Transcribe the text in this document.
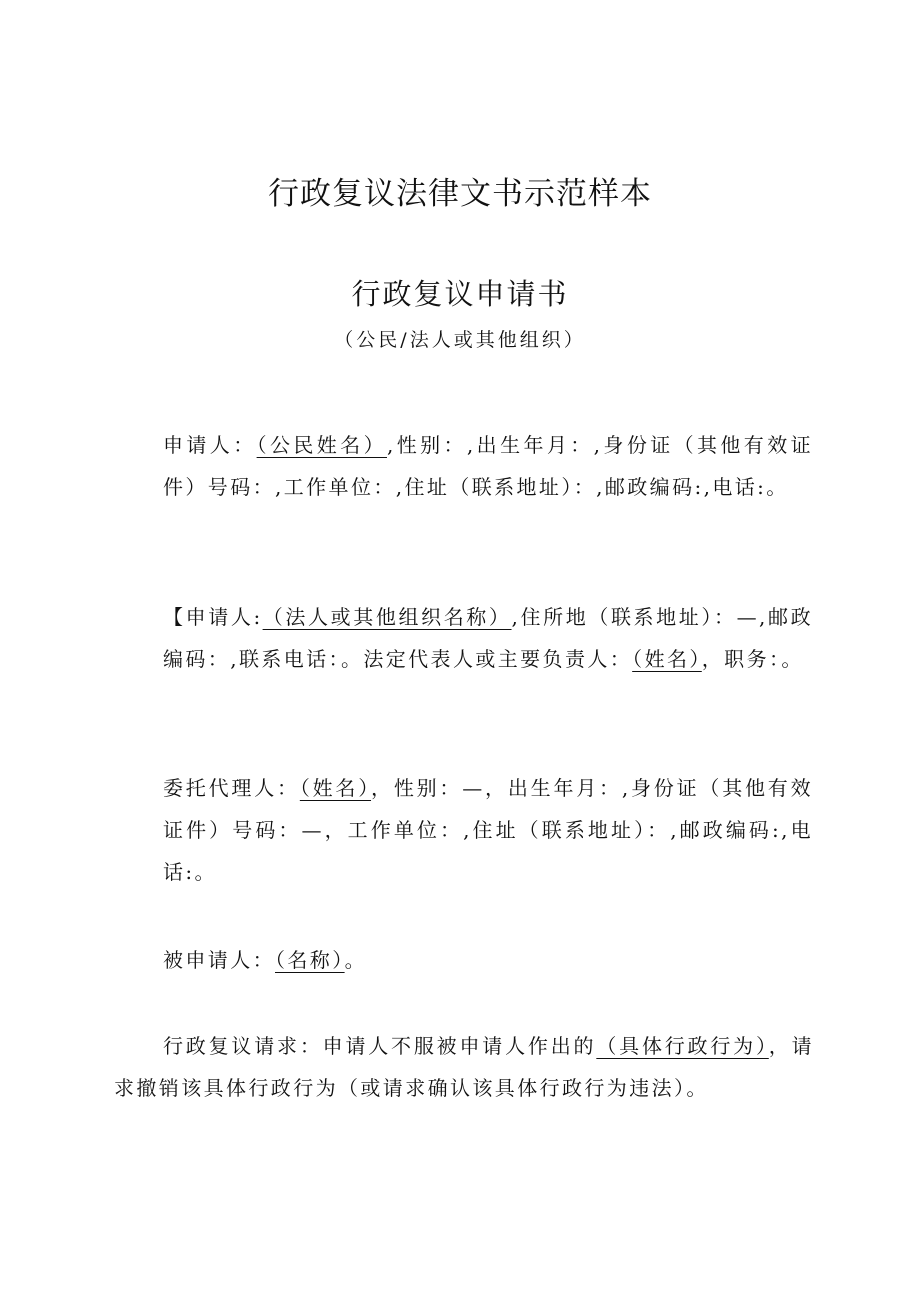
行政复议法律文书示范样本
行政复议申请书
（公民/法人或其他组织）

申请人：（公民姓名）,性别：,出生年月：,身份证（其他有效证件）号码：,工作单位：,住址（联系地址）：,邮政编码:,电话:。

【申请人:（法人或其他组织名称）,住所地（联系地址）：—,邮政编码：,联系电话：。法定代表人或主要负责人：（姓名），职务：。

委托代理人：（姓名），性别：—，出生年月：,身份证（其他有效证件）号码：—，工作单位：,住址（联系地址）：,邮政编码:,电话:。

被申请人：（名称）。

行政复议请求：申请人不服被申请人作出的（具体行政行为），请求撤销该具体行政行为（或请求确认该具体行政行为违法）。
